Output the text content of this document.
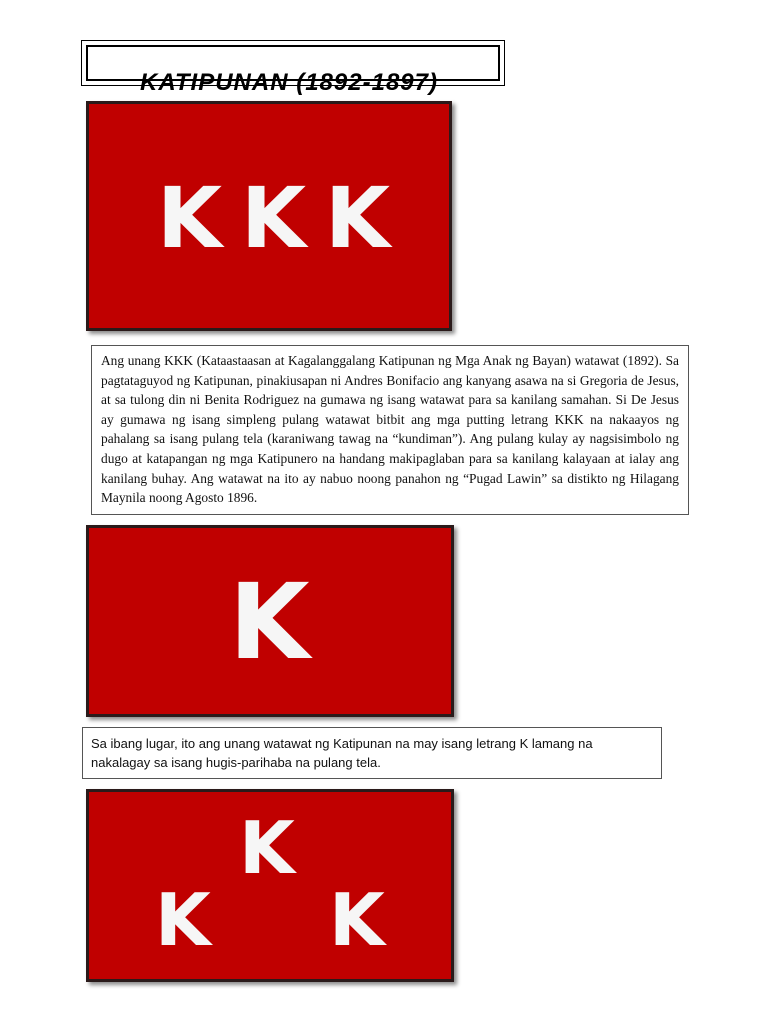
KATIPUNAN (1892-1897)
K K K
Ang unang KKK (Kataastaasan at Kagalanggalang Katipunan ng Mga Anak ng Bayan) watawat (1892). Sa pagtataguyod ng Katipunan, pinakiusapan ni Andres Bonifacio ang kanyang asawa na si Gregoria de Jesus, at sa tulong din ni Benita Rodriguez na gumawa ng isang watawat para sa kanilang samahan. Si De Jesus ay gumawa ng isang simpleng pulang watawat bitbit ang mga putting letrang KKK na nakaayos ng pahalang sa isang pulang tela (karaniwang tawag na “kundiman”). Ang pulang kulay ay nagsisimbolo ng dugo at katapangan ng mga Katipunero na handang makipaglaban para sa kanilang kalayaan at ialay ang kanilang buhay. Ang watawat na ito ay nabuo noong panahon ng “Pugad Lawin” sa distikto ng Hilagang Maynila noong Agosto 1896.
K
Sa ibang lugar, ito ang unang watawat ng Katipunan na may isang letrang K lamang na nakalagay sa isang hugis-parihaba na pulang tela.
K
K K
